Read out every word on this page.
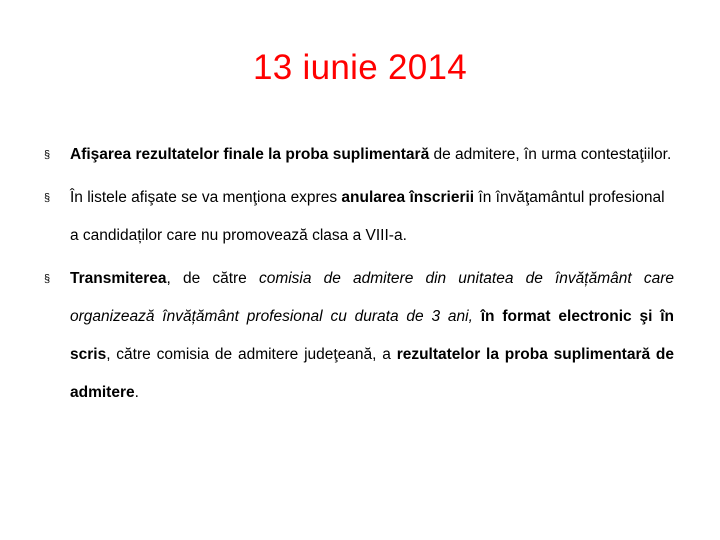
13 iunie 2014
§	Afişarea rezultatelor finale la proba suplimentară de admitere, în urma contestaţiilor.
§	În listele afişate se va menţiona expres anularea înscrierii în învăţamântul profesional a candidaților care nu promovează clasa a VIII-a.
§	Transmiterea, de către comisia de admitere din unitatea de învățământ care organizează învățământ profesional cu durata de 3 ani, în format electronic şi în scris, către comisia de admitere judeţeană, a rezultatelor la proba suplimentară de admitere.
